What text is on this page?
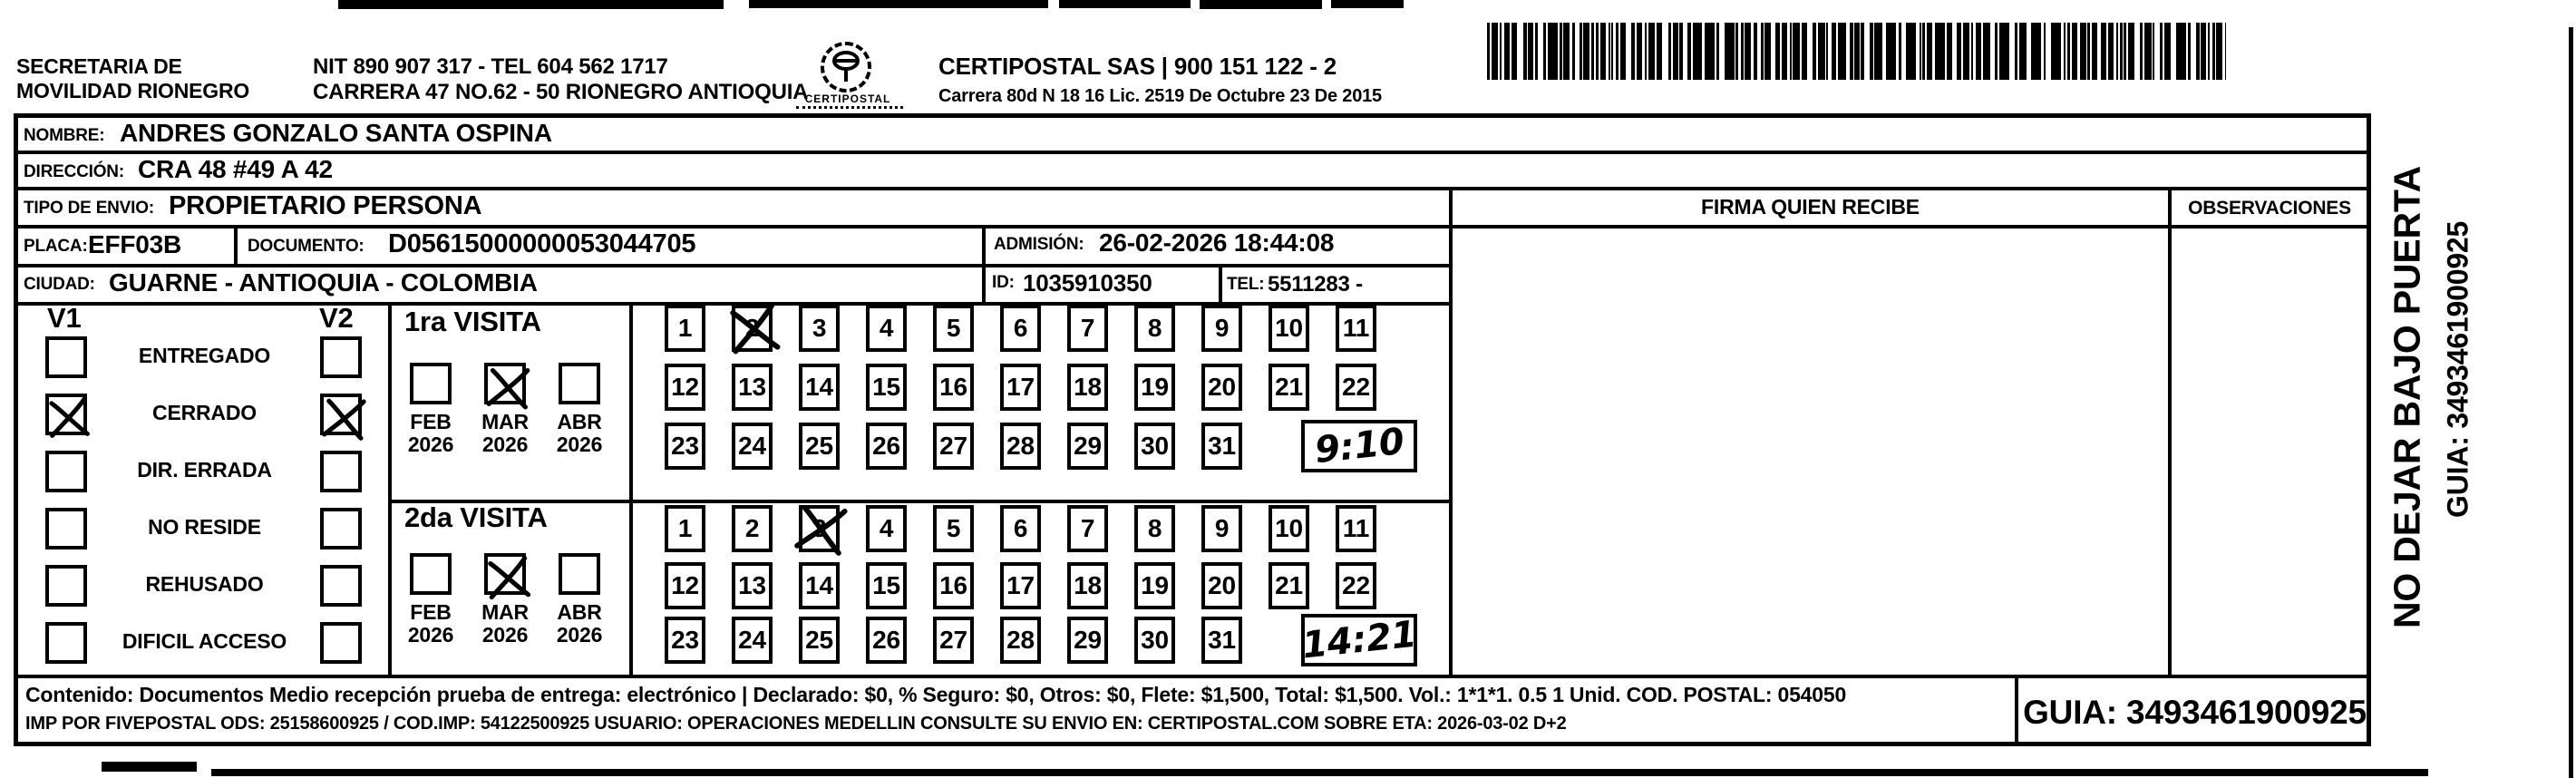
SECRETARIA DE
MOVILIDAD RIONEGRO
NIT 890 907 317 - TEL 604 562 1717
CARRERA 47 NO.62 - 50 RIONEGRO ANTIOQUIA
CERTIPOSTAL
CERTIPOSTAL SAS | 900 151 122 - 2
Carrera 80d N 18 16 Lic. 2519 De Octubre 23 De 2015
NOMBRE: ANDRES GONZALO SANTA OSPINA
DIRECCIÓN: CRA 48 #49 A 42
TIPO DE ENVIO: PROPIETARIO PERSONA
PLACA: EFF03B	DOCUMENTO: D05615000000053044705	ADMISIÓN: 26-02-2026 18:44:08
CIUDAD: GUARNE - ANTIOQUIA - COLOMBIA	ID: 1035910350	TEL: 5511283 -
FIRMA QUIEN RECIBE	OBSERVACIONES
V1	V2
ENTREGADO
CERRADO
DIR. ERRADA
NO RESIDE
REHUSADO
DIFICIL ACCESO
1ra VISITA
2da VISITA
FEB
2026
MAR
2026
ABR
2026
1	2	3	4	5	6	7	8	9	10 11
12 13 14 15 16 17 18 19 20 21 22
23 24 25 26 27 28 29 30 31 9:10
FEB
2026
MAR
2026
ABR
2026
1	2	3	4	5	6	7	8	9	10 11
12 13 14 15 16 17 18 19 20 21 22
23 24 25 26 27 28 29 30 31 14:21
Contenido: Documentos Medio recepción prueba de entrega: electrónico | Declarado: $0, % Seguro: $0, Otros: $0, Flete: $1,500, Total: $1,500. Vol.: 1*1*1. 0.5 1 Unid. COD. POSTAL: 054050
IMP POR FIVEPOSTAL ODS: 25158600925 / COD.IMP: 54122500925 USUARIO: OPERACIONES MEDELLIN CONSULTE SU ENVIO EN: CERTIPOSTAL.COM SOBRE ETA: 2026-03-02 D+2	GUIA: 3493461900925
NO DEJAR BAJO PUERTA GUIA: 3493461900925
